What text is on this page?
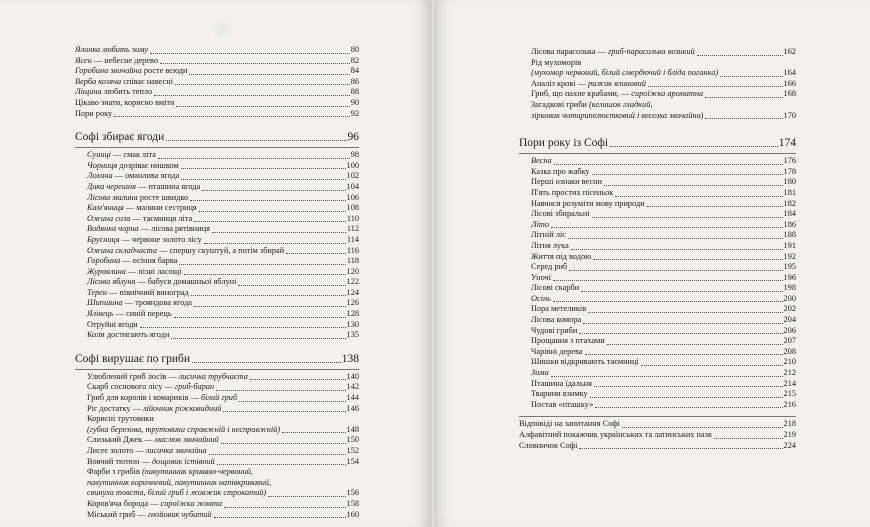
Ялинка любить зиму	80
Ясен — небесне дерево	82
Горобина звичайна росте всюди	84
Верба козяча співає навесні	86
Ліщина любить тепло	88
Цікаво знати, корисно вміти	90
Пори року	92
Софі збирає ягоди	96
Суниці — смак літа	98
Чорниця дозріває нишком	100
Лохина — оманлива ягода	102
Дика черешня — пташина ягода	104
Лісова малина росте швидко	106
Кам'яниця — малини сестриця	108
Ожина сиза — таємниця літа	110
Водянка чорна — лісова рятівниця	112
Брусниця — червоне золото лісу	114
Ожина складчаста — спершу скуштуй, а потім збирай	116
Горобина — осіння барва	118
Журавлина — пізні ласощі	120
Лісова яблуня — бабуся домашньої яблуні	122
Терен — північний виноград	124
Шипшина — трояндова ягода	126
Ялівець — синій перець	128
Отруйні ягоди	130
Коли достигають ягоди	135
Софі вирушає по гриби	138
Улюблений гриб лосів — лисичка трубчаста	140
Скарб соснового лісу — гриб-баран	142
Гриб для королів і комариків — білий гриб	144
Ріг достатку — лійочник ріжковидний	146
Корисні трутовики
(губка березова, трутовики справжній і несправжній)	148
Слизький Джек — маслюк звичайний	150
Лисеє золото — лисичка звичайна	152
Вовчий тютюн — дощовик їстівний	154
Фарби з грибів (павутинник криваво-червоний,
павутинник коричневий, павутинник напівкривавий,
свинуха товста, білий гриб і жовжик строкатий)	156
Коров'яча борода — сироїжка жовта	158
Міський гриб — гнойовик чубатий	160
Лісова парасолька — гриб-парасолька великий	162
Рід мухоморів
(мухомор червоний, білий смердючий і блідa поганка)	164
Аналіз крові — рижик ялиновий	166
Гриб, що пахне крабами, — сироїжка ароматна	168
Загадкові гриби (келишок гладкий,
зірковик чотирипелюстковий і веселка звичайна)	170
Пори року із Софі	174
Весна	176
Казка про жабку	178
Перші ознаки весни	180
П'ять простих пісеньок	181
Навчися розуміти мову природи	182
Лісові збиральні	184
Літо	186
Літній ліс	188
Літня лука	191
Життя під водою	192
Серед риб	195
Уночі	196
Лісові скарби	198
Осінь	200
Пора метеликів	202
Лісова комора	204
Чудові гриби	206
Прощання з птахами	207
Чарівні дерева	208
Шишки відкривають таємниці	210
Зима	212
Пташина їдальня	214
Тварини взимку	215
Постав «пташку»	216
Відповіді на запитання Софі	218
Алфавітний покажчик українських та латинських назв	219
Словничок Софі	224
